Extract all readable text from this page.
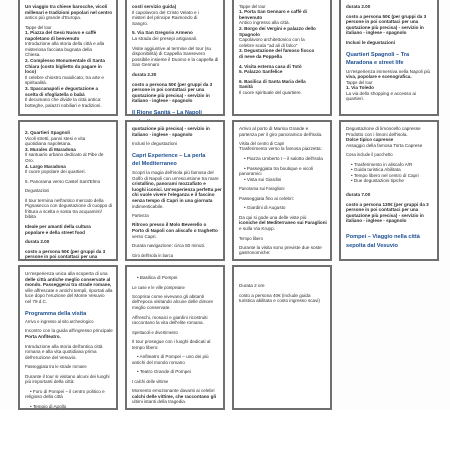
Un viaggio tra chiese barocche, vicoli
millenari e tradizioni popolari nel centro
antico più grande d'Europa.
Tappe del tour
1. Piazza del Gesù Nuovo e caffè
napoletano di benvenuto
Introduzione alla storia della città e alla
misteriosa facciata bugnata della
Chiesa.
2. Complesso Monumentale di Santa
Chiara (costo biglietto da pagare in
loco)
Il celebre chiostro maiolicato, tra arte e
spiritualità.
3. Spaccanapoli e degustazione a
scelta di sfogliatella o babà
Il decumano che divide la città antica:
botteghe, palazzi nobiliari e tradizioni.
costi servizio guida)
Il capolavoro del Cristo Velato e i
misteri del principe Raimondo di
Sangro.
5. Via San Gregorio Armeno
La strada dei presepi artigianali.
Visite aggiuntive al termine del tour (su
disponibilità) di Cappella Sansevero
possibile insieme il Duomo e la cappella di
San Gennaro
durata 2.30
costo a persona 50€ (per gruppi da 3
persone in poi contattaci per una
quotazione più precisa) - servizio in
italiano - inglese - spagnolo
Il Rione Sanità – La Napoli
Tappe del tour
1. Porta San Gennaro e caffè di
benvenuto
Antico ingresso alla città.
2. Borgo dei Vergini e palazzo dello
Spagnolo
Capolavoro architettonico con la
celebre scala "ad ali di falco"
3. Degustazione del famoso fiocco
di neve da Poppella
4. Visita esterna casa di Totò
5. Palazzo Sanfelice
6. Basilica di Santa Maria della
Sanità
Il cuore spirituale del quartiere.
durata 2.00
costo a persona 50€ (per gruppi da 3
persone in poi contattaci per una
quotazione più precisa) - servizio in
italiano - inglese - spagnolo
Inclusi le degustazioni
Quartieri Spagnoli – Tra
Maradona e street life
Un'esperienza immersiva nella Napoli più
viva, popolare e scenografica.
Tappe del tour
1. Via Toledo
La via dello shopping e accesso ai
quartieri.
2. Quartieri Spagnoli
Vicoli stretti, panni stesi e vita
quotidiana napoletana.
3. Murales di Maradona
Il santuario urbano dedicato al Pibe de
Oro.
4. Largo Maradona
Il cuore popolare dei quartieri.
5. Panorama verso Castel Sant'Elmo
Degustazioni
Il tour termina nell'antico mercato della
Pignasecca con degustazione di cuoppo di
frittura a scelta e sosta tra acquamirri/
bibita
Ideale per amanti della cultura
popolare e della street food
durata 2.00
costo a persona 50€ (per gruppi da 3
persone in poi contattaci per una
quotazione più precisa) - servizio in
italiano - inglese - spagnolo
Inclusi le degustazioni
Capri Experience – La perla
del Mediterraneo
Scopri la magia dell'isola più famosa del
Golfo di Napoli con un'escursione tra mare
cristallino, panorami mozzafiato e
luoghi iconici. Un'esperienza perfetta per
chi vuole vivere l'eleganza e il fascino
senza tempo di Capri in una giornata
indimenticabile.
Partenza
Ritrovo presso il Molo Beverello o
Porto di Napoli con aliscafo o traghetto
verso Capri.
Durata navigazione: circa 50 minuti.
Giro dell'isola in barca
Arrivo al porto di Marina Grande e
partenza per il giro panoramico dell'isola.
Visita del centro di Capri
Trasferimento verso la famosa piazzetta:
• Piazza Umberto I – il salotto dell'isola
• Passeggiata tra boutique e vicoli
panoramici
• Vista sui Giardini
Panorama sui Faraglioni
Passeggiata fino ai celebri:
• Giardini di Augusto
Da qui si gode una delle viste più
iconiche del Mediterraneo sui Faraglioni
e sulla Via Krupp.
Tempo libero
Durante la visita sono previste due soste
gastronomiche:
Degustazione di limoncello capresse
Prodotto con i limoni dell'isola.
Dolce tipico capresse
Assaggio della famosa Torta Caprese
Cosa include il pacchetto
• Trasferimento in aliscafo A/R
• Guida turistica Abilitata
• Tempo libero nel centro di Capri
• Due degustazioni tipiche
durata 7.00
costo a persona 130€ (per gruppi da 3
persone in poi contattaci per una
quotazione più precisa) - servizio in
italiano - inglese - spagnolo
Pompei – Viaggio nella città
sepolta dal Vesuvio
Un'esperienza unica alla scoperta di una
delle città antiche meglio conservate al
mondo. Passeggerai tra strade romane,
ville affrescate e antichi templi, riportati alla
luce dopo l'eruzione del Monte Vesuvio
nel 79 d.C.
Programma della visita
Arrivo e ingresso al sito archeologico
Incontro con la guida all'ingresso principale
Porta Anfiteatro.
Introduzione alla storia dell'antica città
romana e alla vita quotidiana prima
dell'eruzione del Vesuvio.
Passeggiata tra le strade romane
Durante il tour si visitano alcuni dei luoghi
più importanti della città:
• Foro di Pompei – il centro politico e
religioso della città
• Tempio di Apollo
• Basilica di Pompei
Le case e le ville pompeiane
Scoprirai come vivevano gli abitanti
dell'epoca visitando alcune delle dimore
meglio conservate.
Affreschi, mosaici e giardini ricostruiti
raccontano la vita dell'elite romana.
Spettacoli e divertimento
Il tour prosegue con i luoghi dedicati al
tempo libero:
• Anfiteatro di Pompei – uno dei più
antichi del mondo romano
• Teatro Grande di Pompei
I calchi delle vittime
Momento emozionante davanti ai celebri
calchi delle vittime, che raccontano gli
ultimi istanti della tragedia.
Durata 2 ore
costo a persona 40€ (include guida
turistica abilitata e costo ingresso scavi)
